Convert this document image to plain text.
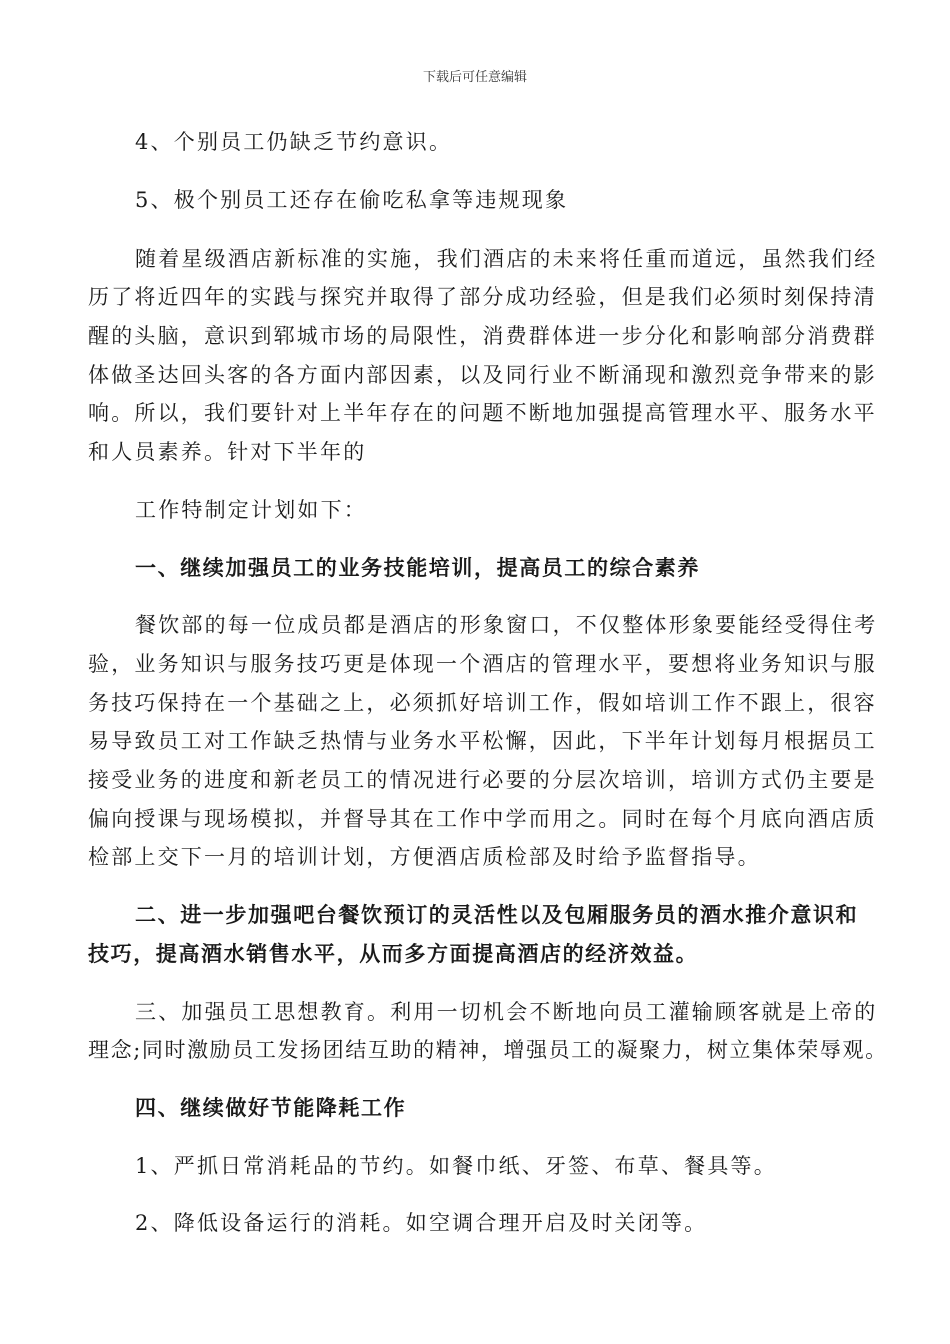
下载后可任意编辑
4、个别员工仍缺乏节约意识。
5、极个别员工还存在偷吃私拿等违规现象
随着星级酒店新标准的实施，我们酒店的未来将任重而道远，虽然我们经
历了将近四年的实践与探究并取得了部分成功经验，但是我们必须时刻保持清
醒的头脑，意识到郓城市场的局限性，消费群体进一步分化和影响部分消费群
体做圣达回头客的各方面内部因素，以及同行业不断涌现和激烈竞争带来的影
响。所以，我们要针对上半年存在的问题不断地加强提高管理水平、服务水平
和人员素养。针对下半年的
工作特制定计划如下：
一、继续加强员工的业务技能培训，提高员工的综合素养
餐饮部的每一位成员都是酒店的形象窗口，不仅整体形象要能经受得住考
验，业务知识与服务技巧更是体现一个酒店的管理水平，要想将业务知识与服
务技巧保持在一个基础之上，必须抓好培训工作，假如培训工作不跟上，很容
易导致员工对工作缺乏热情与业务水平松懈，因此，下半年计划每月根据员工
接受业务的进度和新老员工的情况进行必要的分层次培训，培训方式仍主要是
偏向授课与现场模拟，并督导其在工作中学而用之。同时在每个月底向酒店质
检部上交下一月的培训计划，方便酒店质检部及时给予监督指导。
二、进一步加强吧台餐饮预订的灵活性以及包厢服务员的酒水推介意识和
技巧，提高酒水销售水平，从而多方面提高酒店的经济效益。
三、加强员工思想教育。利用一切机会不断地向员工灌输顾客就是上帝的
理念;同时激励员工发扬团结互助的精神，增强员工的凝聚力，树立集体荣辱观。
四、继续做好节能降耗工作
1、严抓日常消耗品的节约。如餐巾纸、牙签、布草、餐具等。
2、降低设备运行的消耗。如空调合理开启及时关闭等。
